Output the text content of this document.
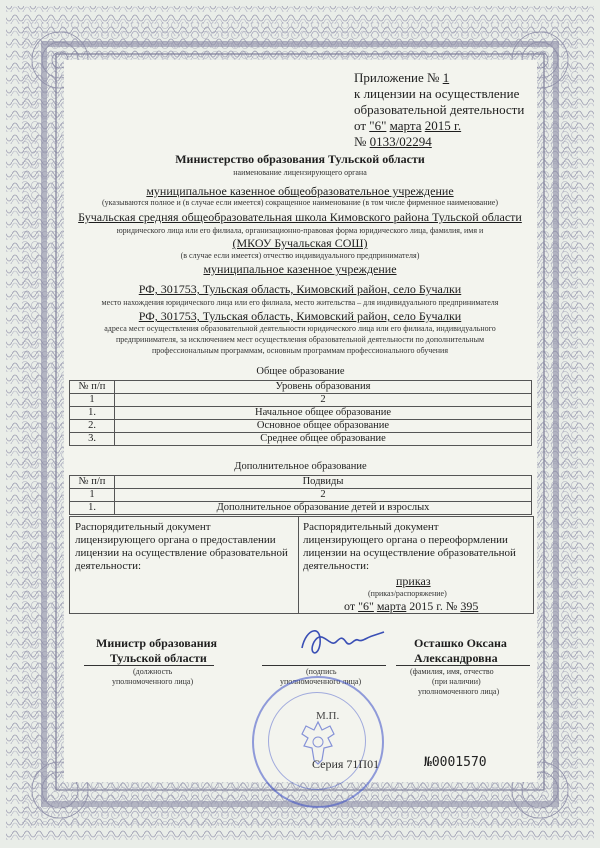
Приложение № 1
к лицензии на осуществление
образовательной деятельности
от "6" марта 2015 г.
№ 0133/02294
Министерство образования Тульской области
наименование лицензирующего органа
муниципальное казенное общеобразовательное учреждение
(указываются полное и (в случае если имеется) сокращенное наименование (в том числе фирменное наименование)
Бучальская средняя общеобразовательная школа Кимовского района Тульской области
юридического лица или его филиала, организационно-правовая форма юридического лица, фамилия, имя и
(МКОУ Бучальская СОШ)
(в случае если имеется) отчество индивидуального предпринимателя)
муниципальное казенное учреждение
РФ, 301753, Тульская область, Кимовский район, село Бучалки
место нахождения юридического лица или его филиала, место жительства – для индивидуального предпринимателя
РФ, 301753, Тульская область, Кимовский район, село Бучалки
адреса мест осуществления образовательной деятельности юридического лица или его филиала, индивидуального
предпринимателя, за исключением мест осуществления образовательной деятельности по дополнительным
профессиональным программам, основным программам профессионального обучения
Общее образование
№ п/п	Уровень образования
1	2
1.	Начальное общее образование
2.	Основное общее образование
3.	Среднее общее образование
Дополнительное образование
№ п/п	Подвиды
1	2
1.	Дополнительное образование детей и взрослых
Распорядительный документ
лицензирующего органа о предоставлении
лицензии на осуществление образовательной
деятельности:
Распорядительный документ
лицензирующего органа о переоформлении
лицензии на осуществление образовательной
деятельности:
приказ
(приказ/распоряжение)
от "6" марта 2015 г. № 395
Министр образования
Тульской области
(должность
уполномоченного лица)
(подпись
уполномоченного лица)
Осташко Оксана
Александровна
(фамилия, имя, отчество
(при наличии)
уполномоченного лица)
М.П.
Серия 71П01	№0001570
